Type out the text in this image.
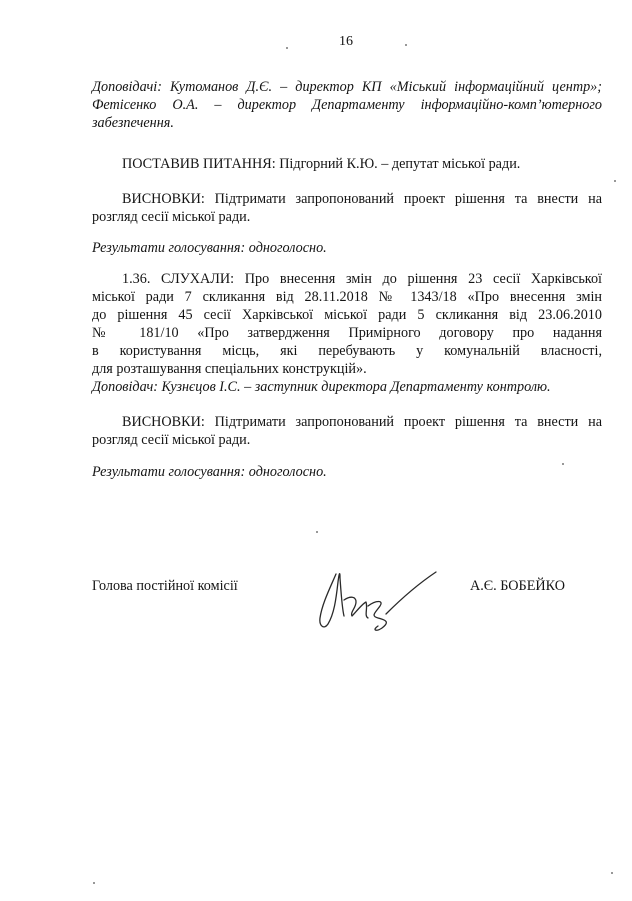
16
Доповідачі: Кутоманов Д.Є. – директор КП «Міський інформаційний центр»;
Фетісенко О.А. – директор Департаменту інформаційно-комп’ютерного
забезпечення.
ПОСТАВИВ ПИТАННЯ: Підгорний К.Ю. – депутат міської ради.
ВИСНОВКИ: Підтримати запропонований проект рішення та внести на
розгляд сесії міської ради.
Результати голосування: одноголосно.
1.36. СЛУХАЛИ: Про внесення змін до рішення 23 сесії Харківської
міської ради 7 скликання від 28.11.2018 № 1343/18 «Про внесення змін
до рішення 45 сесії Харківської міської ради 5 скликання від 23.06.2010
№ 181/10 «Про затвердження Примірного договору про надання
в користування місць, які перебувають у комунальній власності,
для розташування спеціальних конструкцій».
Доповідач: Кузнєцов І.С. – заступник директора Департаменту контролю.
ВИСНОВКИ: Підтримати запропонований проект рішення та внести на
розгляд сесії міської ради.
Результати голосування: одноголосно.
Голова постійної комісії	А.Є. БОБЕЙКО
